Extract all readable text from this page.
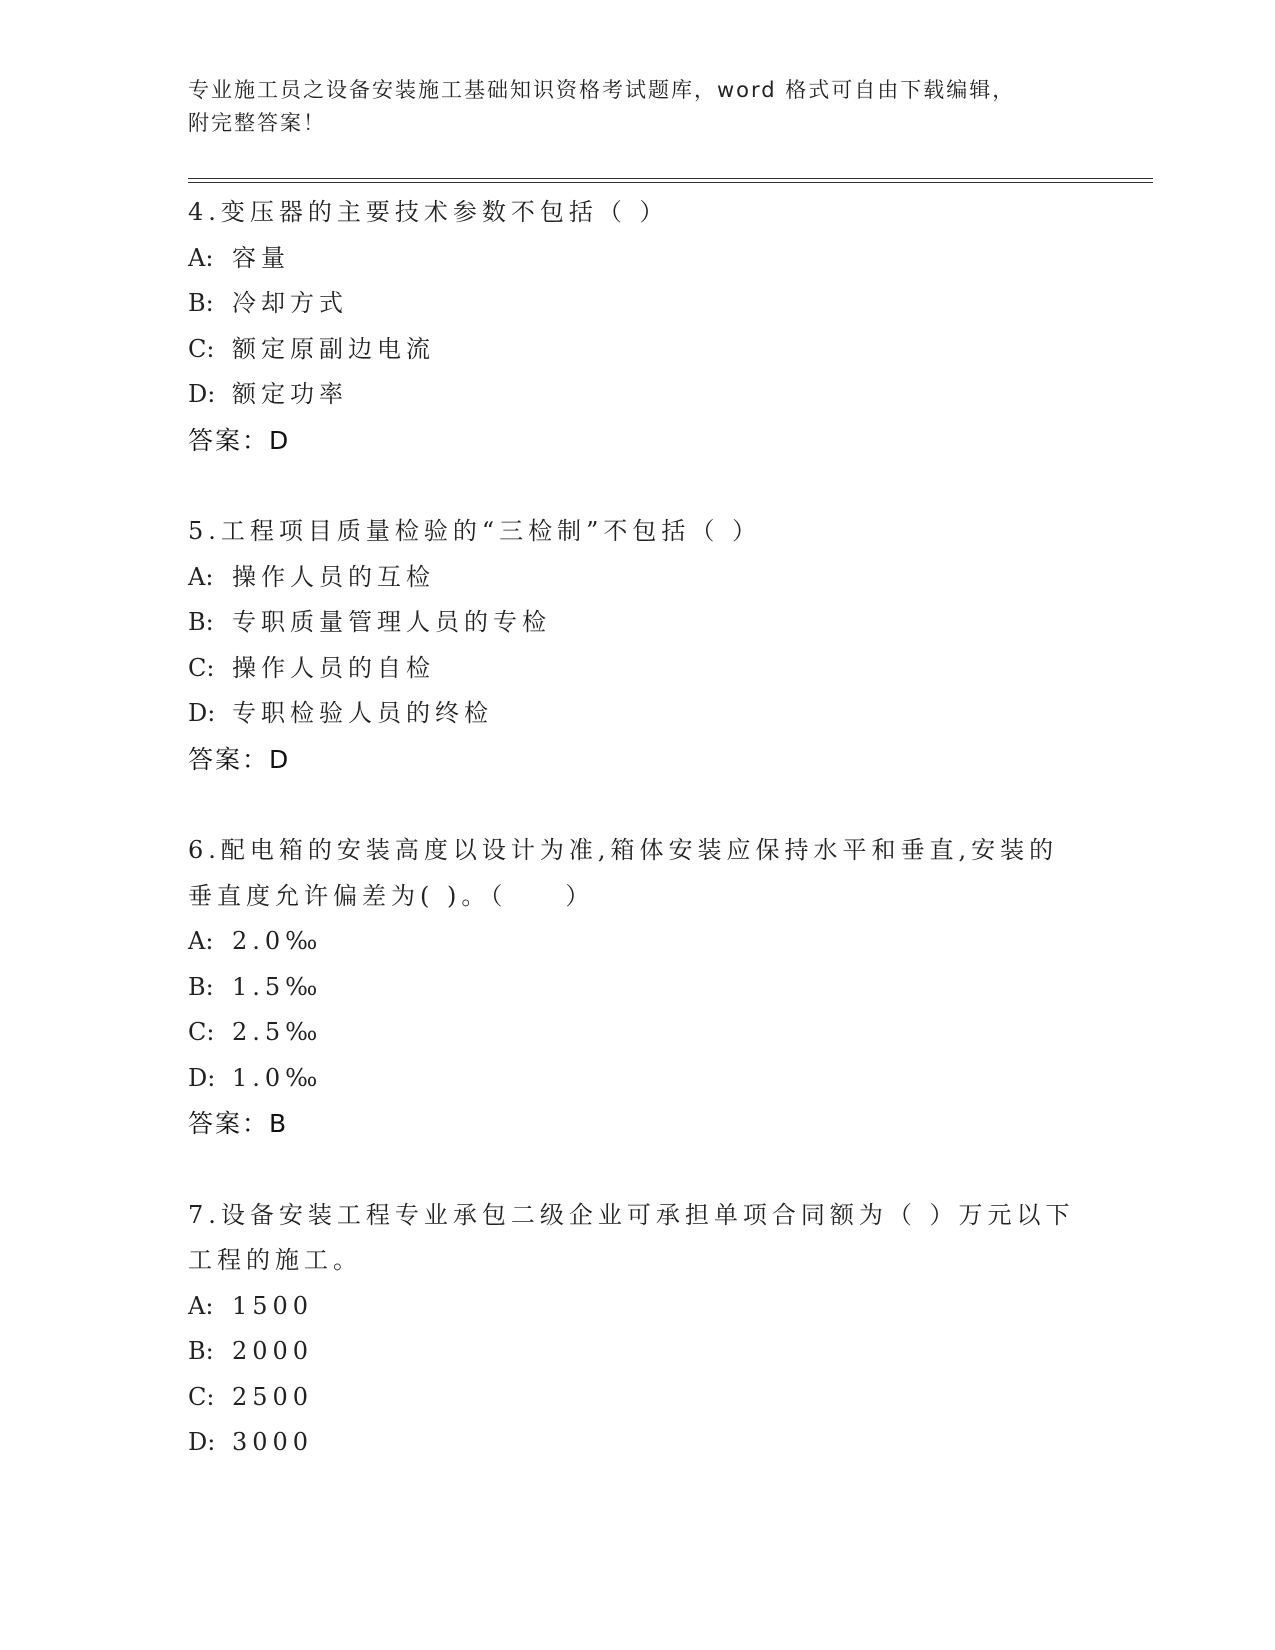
专业施工员之设备安装施工基础知识资格考试题库，word 格式可自由下载编辑，
附完整答案！
4.变压器的主要技术参数不包括（ ）
A: 容量
B: 冷却方式
C: 额定原副边电流
D: 额定功率
答案：D
5.工程项目质量检验的“三检制”不包括（ ）
A: 操作人员的互检
B: 专职质量管理人员的专检
C: 操作人员的自检
D: 专职检验人员的终检
答案：D
6.配电箱的安装高度以设计为准,箱体安装应保持水平和垂直,安装的
垂直度允许偏差为( )。（　　）
A: 2.0‰
B: 1.5‰
C: 2.5‰
D: 1.0‰
答案：B
7.设备安装工程专业承包二级企业可承担单项合同额为（ ）万元以下
工程的施工。
A: 1500
B: 2000
C: 2500
D: 3000
